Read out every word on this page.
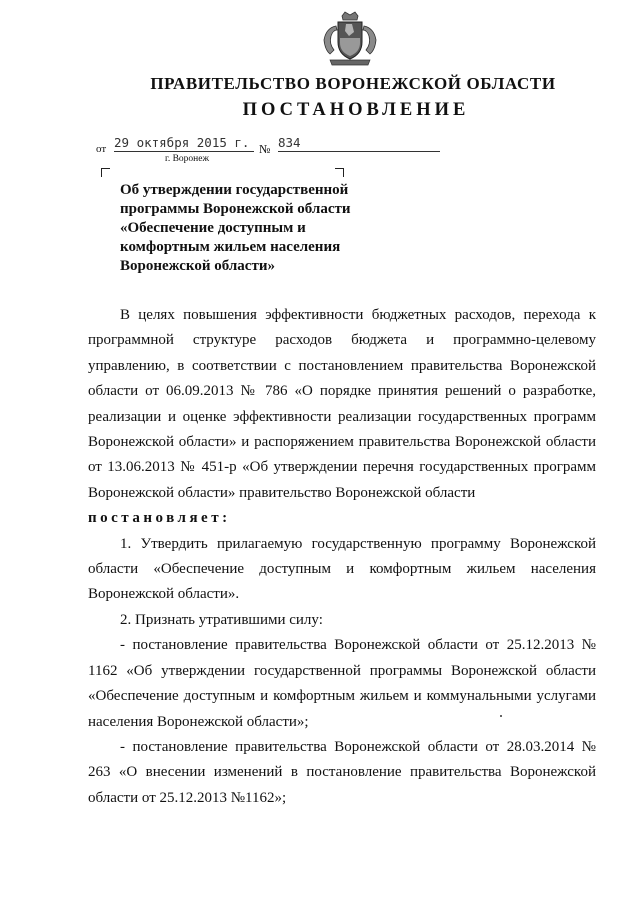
ПРАВИТЕЛЬСТВО ВОРОНЕЖСКОЙ ОБЛАСТИ
ПОСТАНОВЛЕНИЕ
от 29 октября 2015 г. № 834
г. Воронеж
Об утверждении государственной
программы Воронежской области
«Обеспечение доступным и
комфортным жильем населения
Воронежской области»

В целях повышения эффективности бюджетных расходов, перехода к программной структуре расходов бюджета и программно-целевому управлению, в соответствии с постановлением правительства Воронежской области от 06.09.2013 № 786 «О порядке принятия решений о разработке, реализации и оценке эффективности реализации государственных программ Воронежской области» и распоряжением правительства Воронежской области от 13.06.2013 № 451-р «Об утверждении перечня государственных программ Воронежской области» правительство Воронежской области

постановляет:

1. Утвердить прилагаемую государственную программу Воронежской области «Обеспечение доступным и комфортным жильем населения Воронежской области».

2. Признать утратившими силу:

- постановление правительства Воронежской области от 25.12.2013 № 1162 «Об утверждении государственной программы Воронежской области «Обеспечение доступным и комфортным жильем и коммунальными услугами населения Воронежской области»;

- постановление правительства Воронежской области от 28.03.2014 № 263 «О внесении изменений в постановление правительства Воронежской области от 25.12.2013 №1162»;
